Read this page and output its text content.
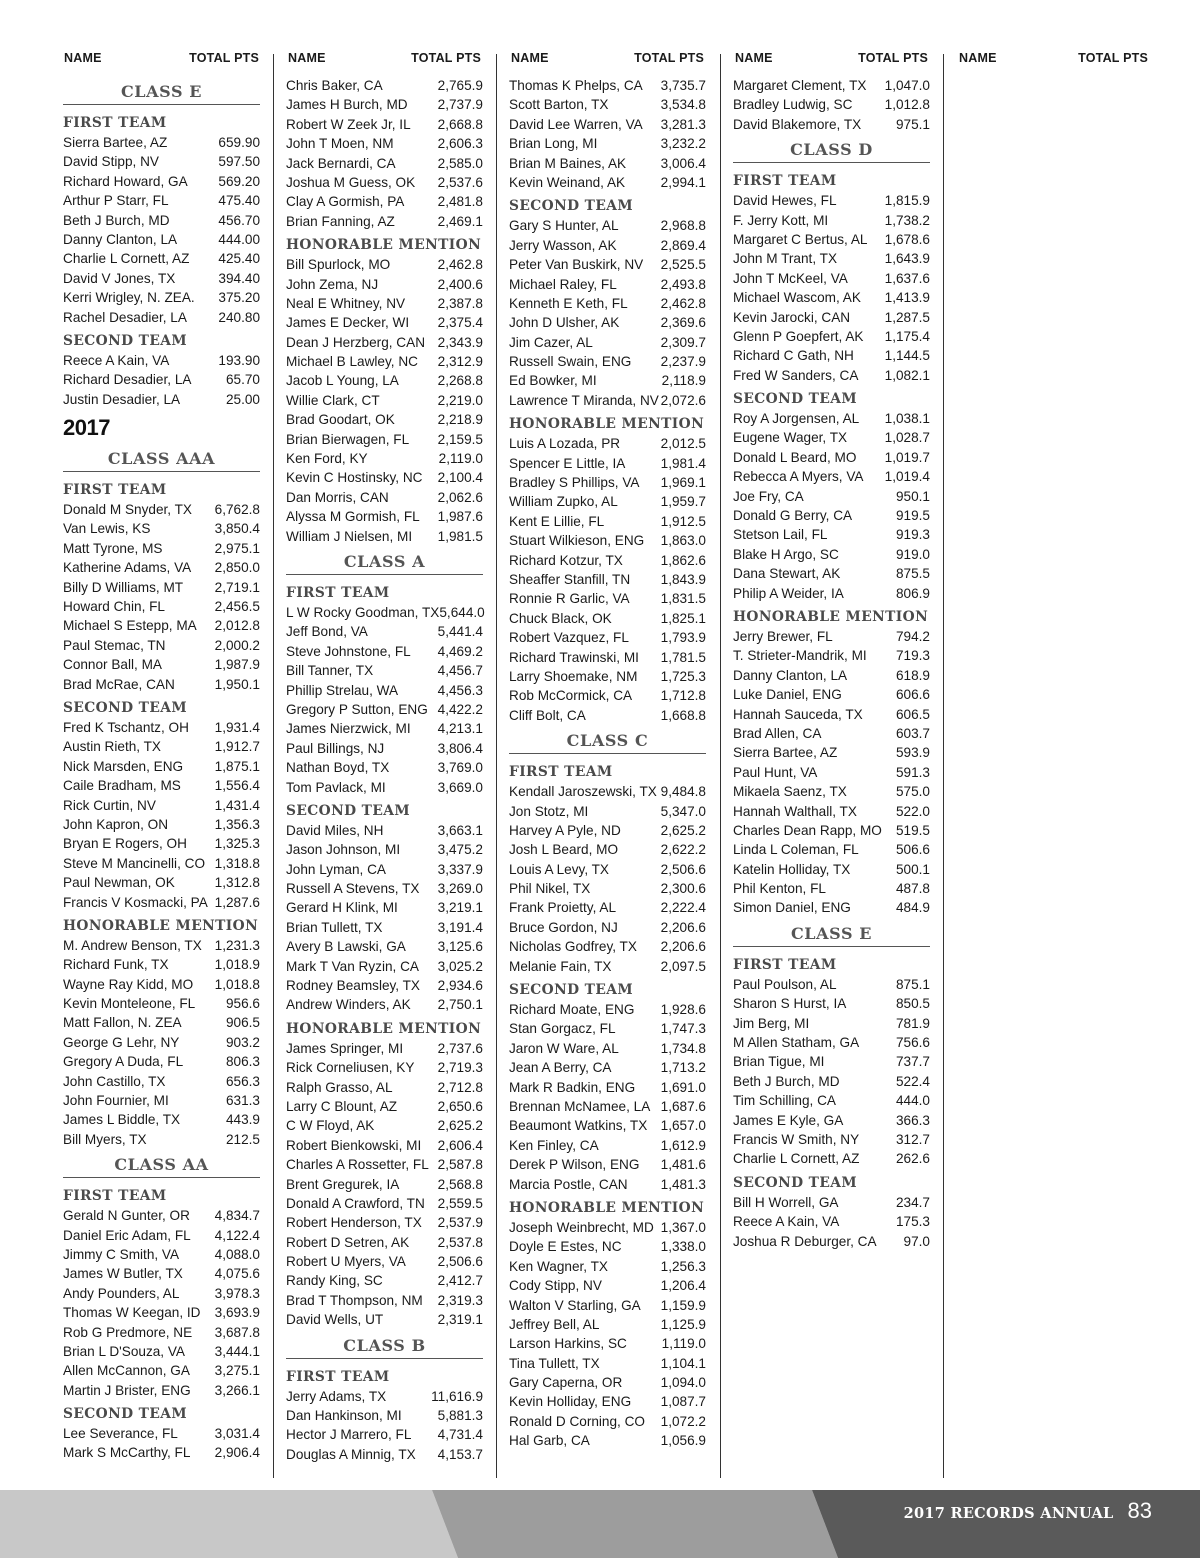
NAME	TOTAL PTS NAME	TOTAL PTS NAME	TOTAL PTS NAME	TOTAL PTS NAME	TOTAL PTS
CLASS E
FIRST TEAM
Sierra Bartee, AZ	659.90
David Stipp, NV	597.50
Richard Howard, GA 569.20
Arthur P Starr, FL	475.40
Beth J Burch, MD	456.70
Danny Clanton, LA	444.00
Charlie L Cornett, AZ 425.40
David V Jones, TX	394.40
Kerri Wrigley, N. ZEA. 375.20
Rachel Desadier, LA 240.80
SECOND TEAM
Reece A Kain, VA	193.90
Richard Desadier, LA	65.70
Justin Desadier, LA	25.00
2017
CLASS AAA
FIRST TEAM
Donald M Snyder, TX 6,762.8
Van Lewis, KS	3,850.4
Matt Tyrone, MS	2,975.1
Katherine Adams, VA 2,850.0
Billy D Williams, MT 2,719.1
Howard Chin, FL	2,456.5
Michael S Estepp, MA 2,012.8
Paul Stemac, TN	2,000.2
Connor Ball, MA	1,987.9
Brad McRae, CAN	1,950.1
SECOND TEAM
Fred K Tschantz, OH 1,931.4
Austin Rieth, TX	1,912.7
Nick Marsden, ENG 1,875.1
Caile Bradham, MS 1,556.4
Rick Curtin, NV	1,431.4
John Kapron, ON	1,356.3
Bryan E Rogers, OH 1,325.3
Steve M Mancinelli, CO 1,318.8
Paul Newman, OK	1,312.8
Francis V Kosmacki, PA 1,287.6
HONORABLE MENTION
M. Andrew Benson, TX 1,231.3
Richard Funk, TX	1,018.9
Wayne Ray Kidd, MO 1,018.8
Kevin Monteleone, FL 956.6
Matt Fallon, N. ZEA	906.5
George G Lehr, NY	903.2
Gregory A Duda, FL	806.3
John Castillo, TX	656.3
John Fournier, MI	631.3
James L Biddle, TX	443.9
Bill Myers, TX	212.5
CLASS AA
FIRST TEAM
Gerald N Gunter, OR 4,834.7
Daniel Eric Adam, FL 4,122.4
Jimmy C Smith, VA	4,088.0
James W Butler, TX 4,075.6
Andy Pounders, AL	3,978.3
Thomas W Keegan, ID 3,693.9
Rob G Predmore, NE 3,687.8
Brian L D'Souza, VA 3,444.1
Allen McCannon, GA 3,275.1
Martin J Brister, ENG 3,266.1
SECOND TEAM
Lee Severance, FL	3,031.4
Mark S McCarthy, FL 2,906.4
Chris Baker, CA	2,765.9
James H Burch, MD 2,737.9
Robert W Zeek Jr, IL 2,668.8
John T Moen, NM	2,606.3
Jack Bernardi, CA	2,585.0
Joshua M Guess, OK 2,537.6
Clay A Gormish, PA 2,481.8
Brian Fanning, AZ	2,469.1
HONORABLE MENTION
Bill Spurlock, MO	2,462.8
John Zema, NJ	2,400.6
Neal E Whitney, NV 2,387.8
James E Decker, WI 2,375.4
Dean J Herzberg, CAN 2,343.9
Michael B Lawley, NC 2,312.9
Jacob L Young, LA	2,268.8
Willie Clark, CT	2,219.0
Brad Goodart, OK	2,218.9
Brian Bierwagen, FL 2,159.5
Ken Ford, KY	2,119.0
Kevin C Hostinsky, NC 2,100.4
Dan Morris, CAN	2,062.6
Alyssa M Gormish, FL 1,987.6
William J Nielsen, MI 1,981.5
CLASS A
FIRST TEAM
L W Rocky Goodman, TX 5,644.0
Jeff Bond, VA	5,441.4
Steve Johnstone, FL 4,469.2
Bill Tanner, TX	4,456.7
Phillip Strelau, WA	4,456.3
Gregory P Sutton, ENG 4,422.2
James Nierzwick, MI 4,213.1
Paul Billings, NJ	3,806.4
Nathan Boyd, TX	3,769.0
Tom Pavlack, MI	3,669.0
SECOND TEAM
David Miles, NH	3,663.1
Jason Johnson, MI	3,475.2
John Lyman, CA	3,337.9
Russell A Stevens, TX 3,269.0
Gerard H Klink, MI	3,219.1
Brian Tullett, TX	3,191.4
Avery B Lawski, GA 3,125.6
Mark T Van Ryzin, CA 3,025.2
Rodney Beamsley, TX 2,934.6
Andrew Winders, AK 2,750.1
HONORABLE MENTION
James Springer, MI	2,737.6
Rick Corneliusen, KY 2,719.3
Ralph Grasso, AL	2,712.8
Larry C Blount, AZ	2,650.6
C W Floyd, AK	2,625.2
Robert Bienkowski, MI 2,606.4
Charles A Rossetter, FL 2,587.8
Brent Gregurek, IA	2,568.8
Donald A Crawford, TN 2,559.5
Robert Henderson, TX 2,537.9
Robert D Setren, AK 2,537.8
Robert U Myers, VA 2,506.6
Randy King, SC	2,412.7
Brad T Thompson, NM 2,319.3
David Wells, UT	2,319.1
CLASS B
FIRST TEAM
Jerry Adams, TX	11,616.9
Dan Hankinson, MI	5,881.3
Hector J Marrero, FL 4,731.4
Douglas A Minnig, TX 4,153.7
Thomas K Phelps, CA 3,735.7
Scott Barton, TX	3,534.8
David Lee Warren, VA 3,281.3
Brian Long, MI	3,232.2
Brian M Baines, AK	3,006.4
Kevin Weinand, AK	2,994.1
SECOND TEAM
Gary S Hunter, AL	2,968.8
Jerry Wasson, AK	2,869.4
Peter Van Buskirk, NV 2,525.5
Michael Raley, FL	2,493.8
Kenneth E Keth, FL 2,462.8
John D Ulsher, AK	2,369.6
Jim Cazer, AL	2,309.7
Russell Swain, ENG 2,237.9
Ed Bowker, MI	2,118.9
Lawrence T Miranda, NV 2,072.6
HONORABLE MENTION
Luis A Lozada, PR	2,012.5
Spencer E Little, IA	1,981.4
Bradley S Phillips, VA 1,969.1
William Zupko, AL	1,959.7
Kent E Lillie, FL	1,912.5
Stuart Wilkieson, ENG 1,863.0
Richard Kotzur, TX	1,862.6
Sheaffer Stanfill, TN 1,843.9
Ronnie R Garlic, VA 1,831.5
Chuck Black, OK	1,825.1
Robert Vazquez, FL 1,793.9
Richard Trawinski, MI 1,781.5
Larry Shoemake, NM 1,725.3
Rob McCormick, CA 1,712.8
Cliff Bolt, CA	1,668.8
CLASS C
FIRST TEAM
Kendall Jaroszewski, TX 9,484.8
Jon Stotz, MI	5,347.0
Harvey A Pyle, ND	2,625.2
Josh L Beard, MO	2,622.2
Louis A Levy, TX	2,506.6
Phil Nikel, TX	2,300.6
Frank Proietty, AL	2,222.4
Bruce Gordon, NJ	2,206.6
Nicholas Godfrey, TX 2,206.6
Melanie Fain, TX	2,097.5
SECOND TEAM
Richard Moate, ENG 1,928.6
Stan Gorgacz, FL	1,747.3
Jaron W Ware, AL	1,734.8
Jean A Berry, CA	1,713.2
Mark R Badkin, ENG 1,691.0
Brennan McNamee, LA 1,687.6
Beaumont Watkins, TX 1,657.0
Ken Finley, CA	1,612.9
Derek P Wilson, ENG 1,481.6
Marcia Postle, CAN 1,481.3
HONORABLE MENTION
Joseph Weinbrecht, MD 1,367.0
Doyle E Estes, NC	1,338.0
Ken Wagner, TX	1,256.3
Cody Stipp, NV	1,206.4
Walton V Starling, GA 1,159.9
Jeffrey Bell, AL	1,125.9
Larson Harkins, SC	1,119.0
Tina Tullett, TX	1,104.1
Gary Caperna, OR	1,094.0
Kevin Holliday, ENG 1,087.7
Ronald D Corning, CO 1,072.2
Hal Garb, CA	1,056.9
Margaret Clement, TX 1,047.0
Bradley Ludwig, SC 1,012.8
David Blakemore, TX	975.1
CLASS D
FIRST TEAM
David Hewes, FL	1,815.9
F. Jerry Kott, MI	1,738.2
Margaret C Bertus, AL 1,678.6
John M Trant, TX	1,643.9
John T McKeel, VA	1,637.6
Michael Wascom, AK 1,413.9
Kevin Jarocki, CAN	1,287.5
Glenn P Goepfert, AK 1,175.4
Richard C Gath, NH 1,144.5
Fred W Sanders, CA 1,082.1
SECOND TEAM
Roy A Jorgensen, AL 1,038.1
Eugene Wager, TX	1,028.7
Donald L Beard, MO 1,019.7
Rebecca A Myers, VA 1,019.4
Joe Fry, CA	950.1
Donald G Berry, CA	919.5
Stetson Lail, FL	919.3
Blake H Argo, SC	919.0
Dana Stewart, AK	875.5
Philip A Weider, IA	806.9
HONORABLE MENTION
Jerry Brewer, FL	794.2
T. Strieter-Mandrik, MI 719.3
Danny Clanton, LA	618.9
Luke Daniel, ENG	606.6
Hannah Sauceda, TX 606.5
Brad Allen, CA	603.7
Sierra Bartee, AZ	593.9
Paul Hunt, VA	591.3
Mikaela Saenz, TX	575.0
Hannah Walthall, TX	522.0
Charles Dean Rapp, MO 519.5
Linda L Coleman, FL	506.6
Katelin Holliday, TX	500.1
Phil Kenton, FL	487.8
Simon Daniel, ENG	484.9
CLASS E
FIRST TEAM
Paul Poulson, AL	875.1
Sharon S Hurst, IA	850.5
Jim Berg, MI	781.9
M Allen Statham, GA	756.6
Brian Tigue, MI	737.7
Beth J Burch, MD	522.4
Tim Schilling, CA	444.0
James E Kyle, GA	366.3
Francis W Smith, NY	312.7
Charlie L Cornett, AZ	262.6
SECOND TEAM
Bill H Worrell, GA	234.7
Reece A Kain, VA	175.3
Joshua R Deburger, CA 97.0
2017 RECORDS ANNUAL 83
